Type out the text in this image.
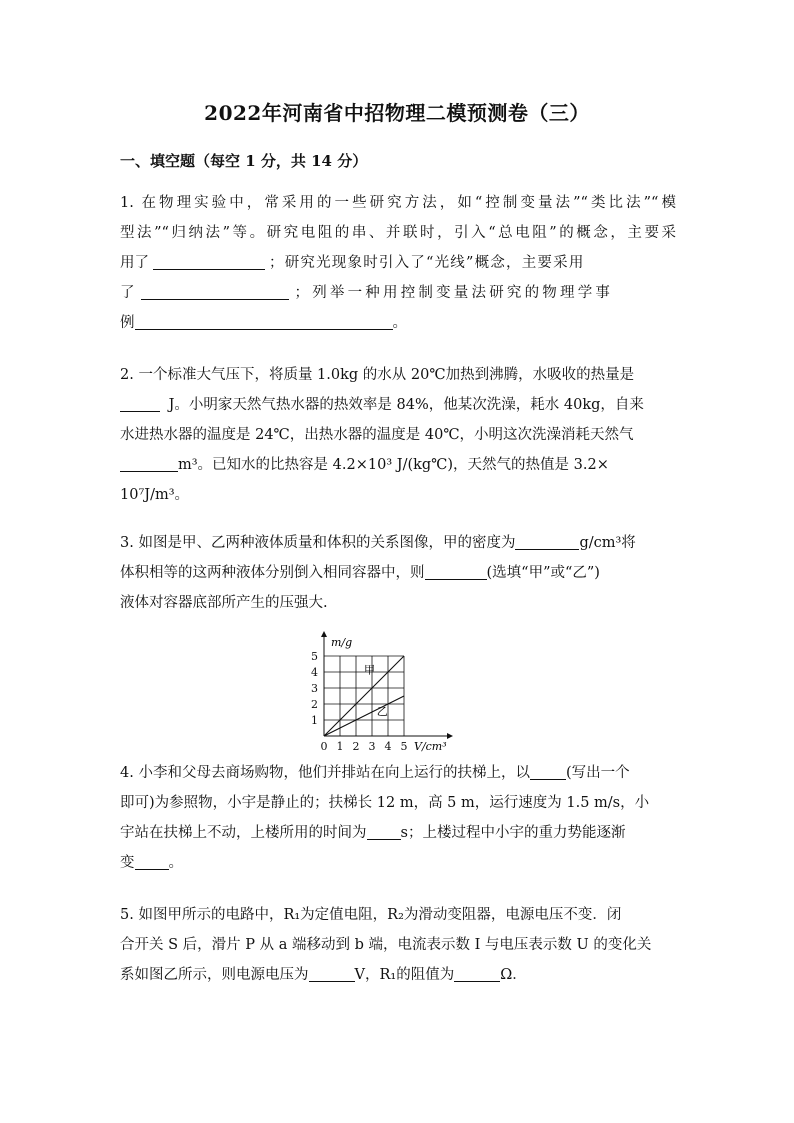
2022年河南省中招物理二模预测卷（三）
一、填空题（每空 1 分，共 14 分）
1. 在物理实验中，常采用的一些研究方法，如“控制变量法”“类比法”“模
型法”“归纳法”等。研究电阻的串、并联时，引入“总电阻”的概念，主要采
用了	；研究光现象时引入了“光线”概念，主要采用
了	；列举一种用控制变量法研究的物理学事
例	。
2. 一个标准大气压下，将质量 1.0kg 的水从 20℃加热到沸腾，水吸收的热量是
J。小明家天然气热水器的热效率是 84%，他某次洗澡，耗水 40kg，自来
水进热水器的温度是 24℃，出热水器的温度是 40℃，小明这次洗澡消耗天然气
m³。已知水的比热容是 4.2×10³ J/(kg℃)，天然气的热值是 3.2×
10⁷J/m³。
3. 如图是甲、乙两种液体质量和体积的关系图像，甲的密度为	g/cm³将
体积相等的这两种液体分别倒入相同容器中，则	(选填“甲”或“乙”)
液体对容器底部所产生的压强大.
0 1 2 3 4 5
1
2
3
4
5
m/g
V/cm³
甲
乙
4. 小李和父母去商场购物，他们并排站在向上运行的扶梯上，以 (写出一个
即可)为参照物，小宇是静止的；扶梯长 12 m，高 5 m，运行速度为 1.5 m/s，小
宇站在扶梯上不动，上楼所用的时间为 s；上楼过程中小宇的重力势能逐渐
变 。
5. 如图甲所示的电路中，R₁为定值电阻，R₂为滑动变阻器，电源电压不变．闭
合开关 S 后，滑片 P 从 a 端移动到 b 端，电流表示数 I 与电压表示数 U 的变化关
系如图乙所示，则电源电压为	V，R₁的阻值为	Ω．
